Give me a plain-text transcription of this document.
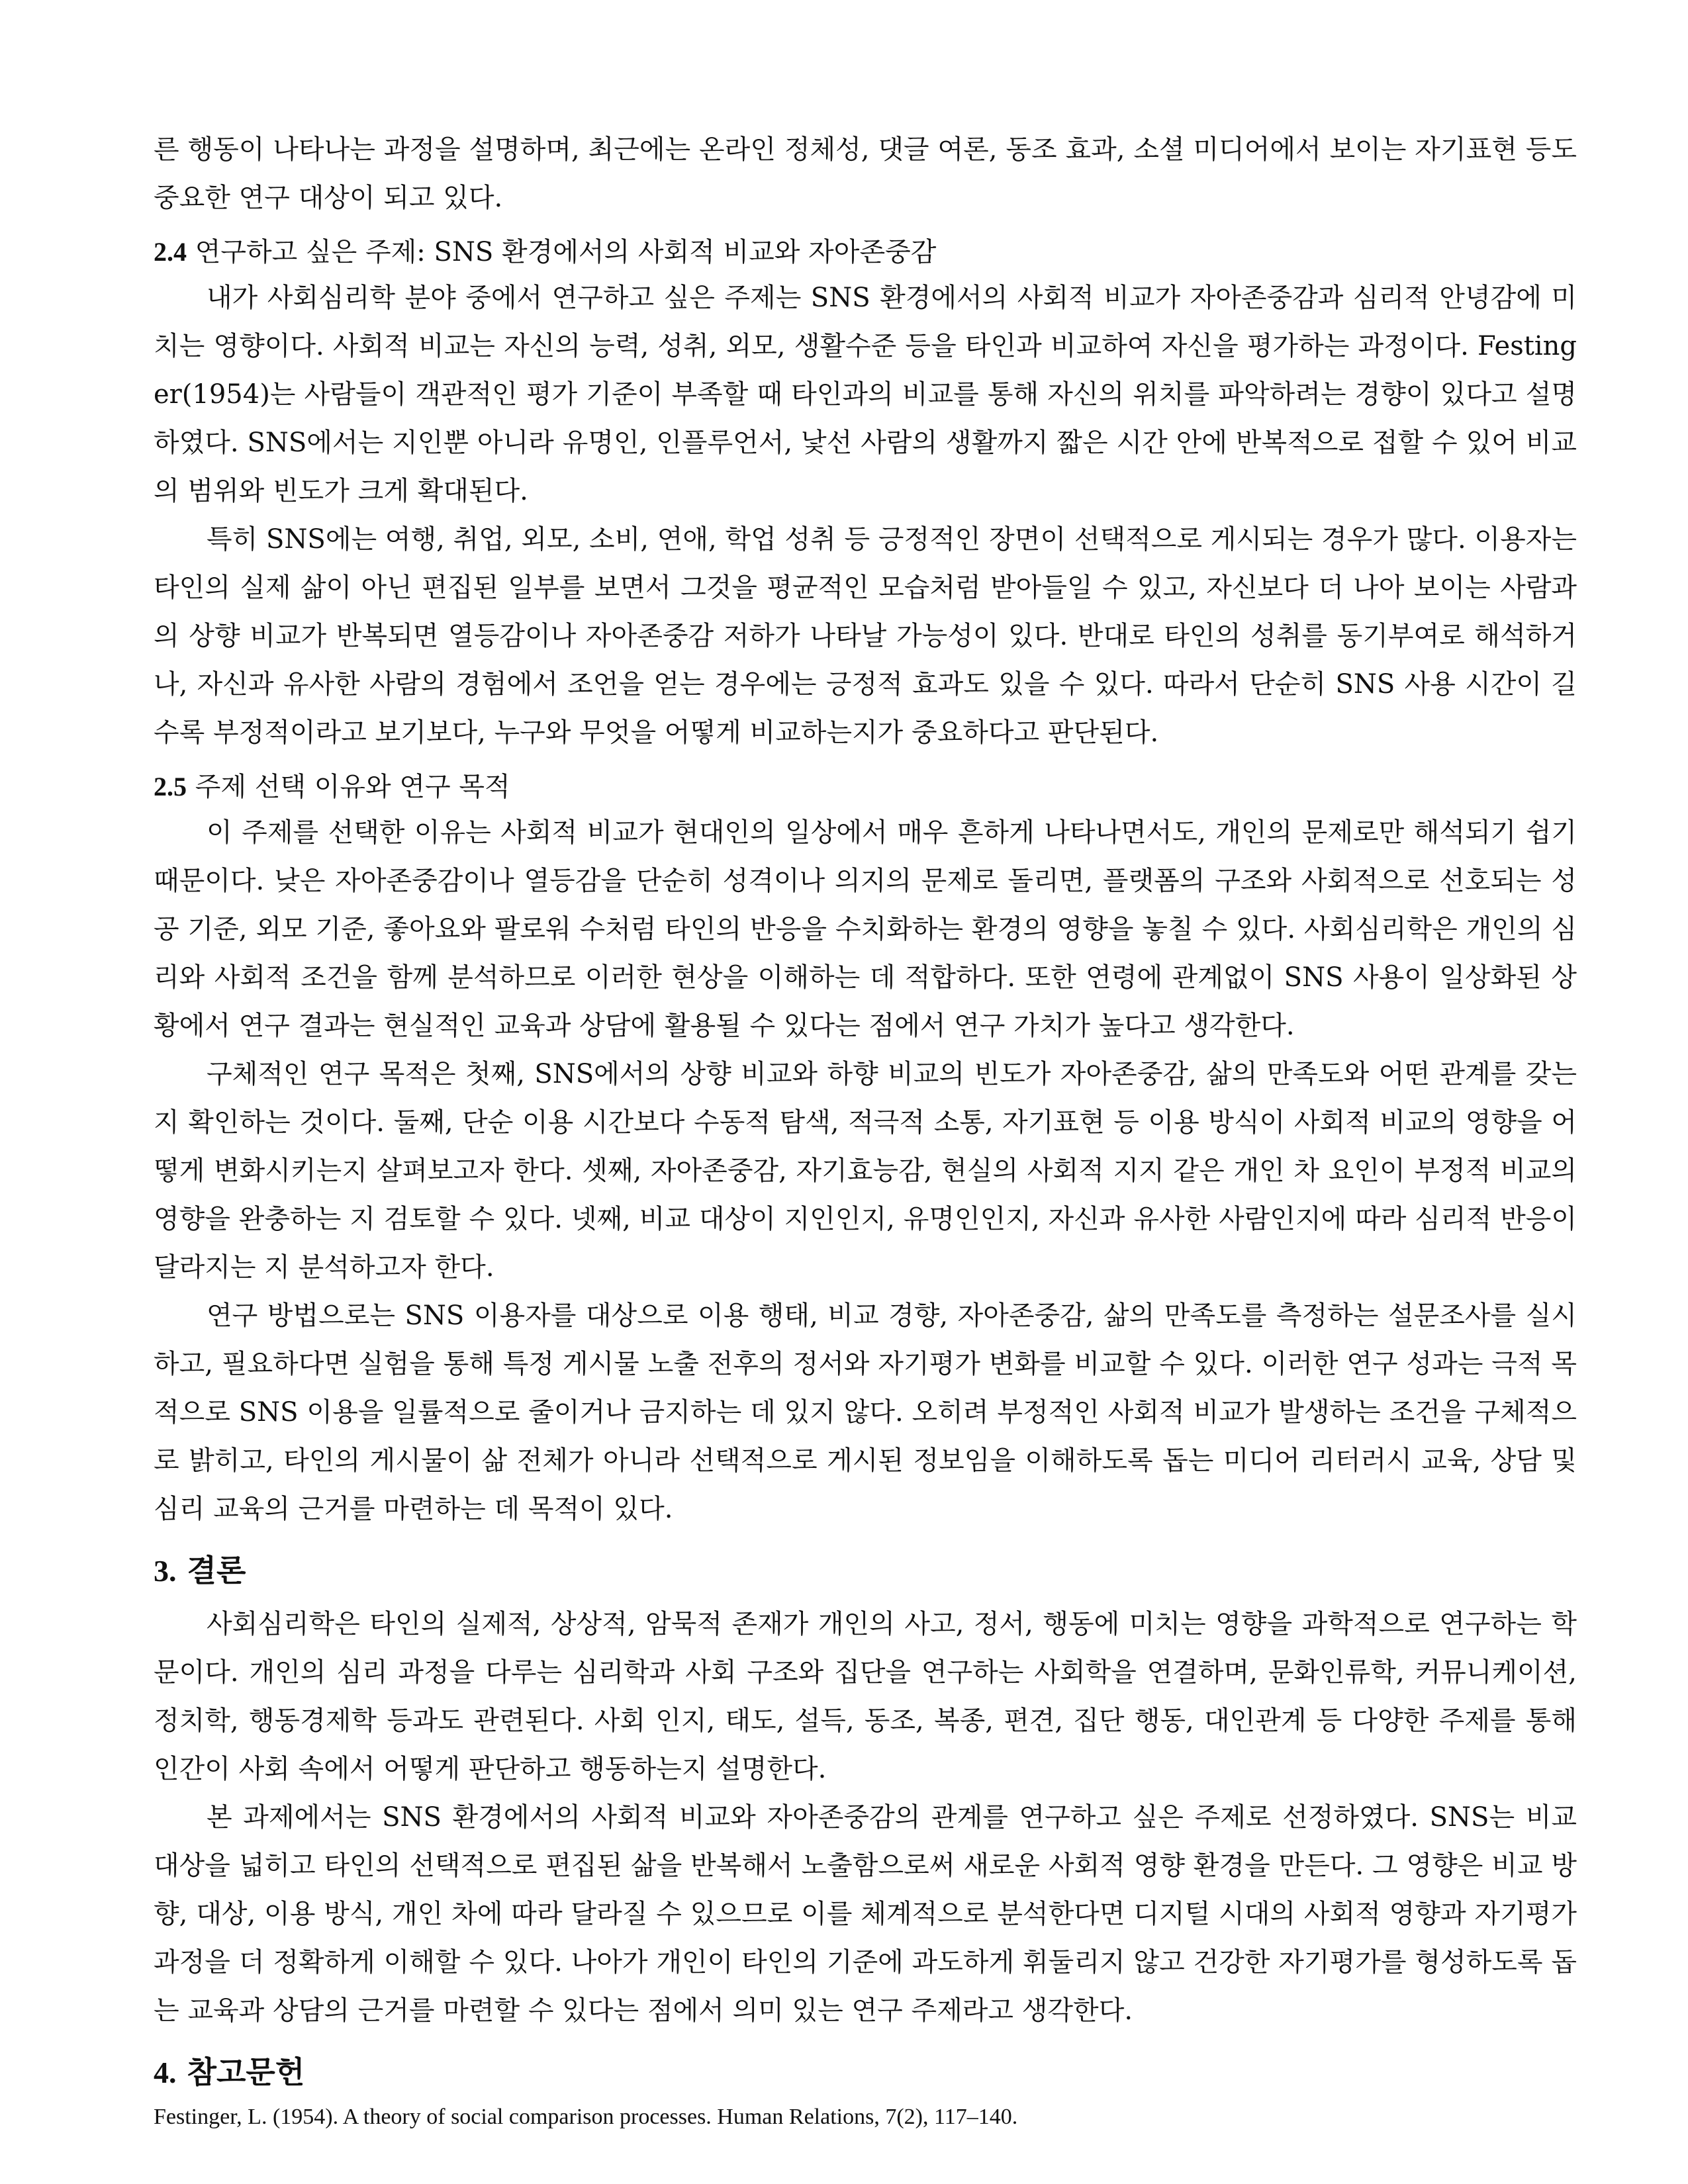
른 행동이 나타나는 과정을 설명하며, 최근에는 온라인 정체성, 댓글 여론, 동조 효과, 소셜 미디어에서 보이는 자기표현 등도 중요한 연구 대상이 되고 있다.

2.4 연구하고 싶은 주제: SNS 환경에서의 사회적 비교와 자아존중감

내가 사회심리학 분야 중에서 연구하고 싶은 주제는 SNS 환경에서의 사회적 비교가 자아존중감과 심리적 안녕감에 미치는 영향이다. 사회적 비교는 자신의 능력, 성취, 외모, 생활수준 등을 타인과 비교하여 자신을 평가하는 과정이다. Festinger(1954)는 사람들이 객관적인 평가 기준이 부족할 때 타인과의 비교를 통해 자신의 위치를 파악하려는 경향이 있다고 설명하였다. SNS에서는 지인뿐 아니라 유명인, 인플루언서, 낯선 사람의 생활까지 짧은 시간 안에 반복적으로 접할 수 있어 비교의 범위와 빈도가 크게 확대된다.

특히 SNS에는 여행, 취업, 외모, 소비, 연애, 학업 성취 등 긍정적인 장면이 선택적으로 게시되는 경우가 많다. 이용자는 타인의 실제 삶이 아닌 편집된 일부를 보면서 그것을 평균적인 모습처럼 받아들일 수 있고, 자신보다 더 나아 보이는 사람과의 상향 비교가 반복되면 열등감이나 자아존중감 저하가 나타날 가능성이 있다. 반대로 타인의 성취를 동기부여로 해석하거나, 자신과 유사한 사람의 경험에서 조언을 얻는 경우에는 긍정적 효과도 있을 수 있다. 따라서 단순히 SNS 사용 시간이 길수록 부정적이라고 보기보다, 누구와 무엇을 어떻게 비교하는지가 중요하다고 판단된다.

2.5 주제 선택 이유와 연구 목적

이 주제를 선택한 이유는 사회적 비교가 현대인의 일상에서 매우 흔하게 나타나면서도, 개인의 문제로만 해석되기 쉽기 때문이다. 낮은 자아존중감이나 열등감을 단순히 성격이나 의지의 문제로 돌리면, 플랫폼의 구조와 사회적으로 선호되는 성공 기준, 외모 기준, 좋아요와 팔로워 수처럼 타인의 반응을 수치화하는 환경의 영향을 놓칠 수 있다. 사회심리학은 개인의 심리와 사회적 조건을 함께 분석하므로 이러한 현상을 이해하는 데 적합하다. 또한 연령에 관계없이 SNS 사용이 일상화된 상황에서 연구 결과는 현실적인 교육과 상담에 활용될 수 있다는 점에서 연구 가치가 높다고 생각한다.

구체적인 연구 목적은 첫째, SNS에서의 상향 비교와 하향 비교의 빈도가 자아존중감, 삶의 만족도와 어떤 관계를 갖는지 확인하는 것이다. 둘째, 단순 이용 시간보다 수동적 탐색, 적극적 소통, 자기표현 등 이용 방식이 사회적 비교의 영향을 어떻게 변화시키는지 살펴보고자 한다. 셋째, 자아존중감, 자기효능감, 현실의 사회적 지지 같은 개인 차 요인이 부정적 비교의 영향을 완충하는 지 검토할 수 있다. 넷째, 비교 대상이 지인인지, 유명인인지, 자신과 유사한 사람인지에 따라 심리적 반응이 달라지는 지 분석하고자 한다.

연구 방법으로는 SNS 이용자를 대상으로 이용 행태, 비교 경향, 자아존중감, 삶의 만족도를 측정하는 설문조사를 실시하고, 필요하다면 실험을 통해 특정 게시물 노출 전후의 정서와 자기평가 변화를 비교할 수 있다. 이러한 연구 성과는 극적 목적으로 SNS 이용을 일률적으로 줄이거나 금지하는 데 있지 않다. 오히려 부정적인 사회적 비교가 발생하는 조건을 구체적으로 밝히고, 타인의 게시물이 삶 전체가 아니라 선택적으로 게시된 정보임을 이해하도록 돕는 미디어 리터러시 교육, 상담 및 심리 교육의 근거를 마련하는 데 목적이 있다.

3. 결론

사회심리학은 타인의 실제적, 상상적, 암묵적 존재가 개인의 사고, 정서, 행동에 미치는 영향을 과학적으로 연구하는 학문이다. 개인의 심리 과정을 다루는 심리학과 사회 구조와 집단을 연구하는 사회학을 연결하며, 문화인류학, 커뮤니케이션, 정치학, 행동경제학 등과도 관련된다. 사회 인지, 태도, 설득, 동조, 복종, 편견, 집단 행동, 대인관계 등 다양한 주제를 통해 인간이 사회 속에서 어떻게 판단하고 행동하는지 설명한다.

본 과제에서는 SNS 환경에서의 사회적 비교와 자아존중감의 관계를 연구하고 싶은 주제로 선정하였다. SNS는 비교 대상을 넓히고 타인의 선택적으로 편집된 삶을 반복해서 노출함으로써 새로운 사회적 영향 환경을 만든다. 그 영향은 비교 방향, 대상, 이용 방식, 개인 차에 따라 달라질 수 있으므로 이를 체계적으로 분석한다면 디지털 시대의 사회적 영향과 자기평가 과정을 더 정확하게 이해할 수 있다. 나아가 개인이 타인의 기준에 과도하게 휘둘리지 않고 건강한 자기평가를 형성하도록 돕는 교육과 상담의 근거를 마련할 수 있다는 점에서 의미 있는 연구 주제라고 생각한다.

4. 참고문헌

Festinger, L. (1954). A theory of social comparison processes. Human Relations, 7(2), 117–140.
